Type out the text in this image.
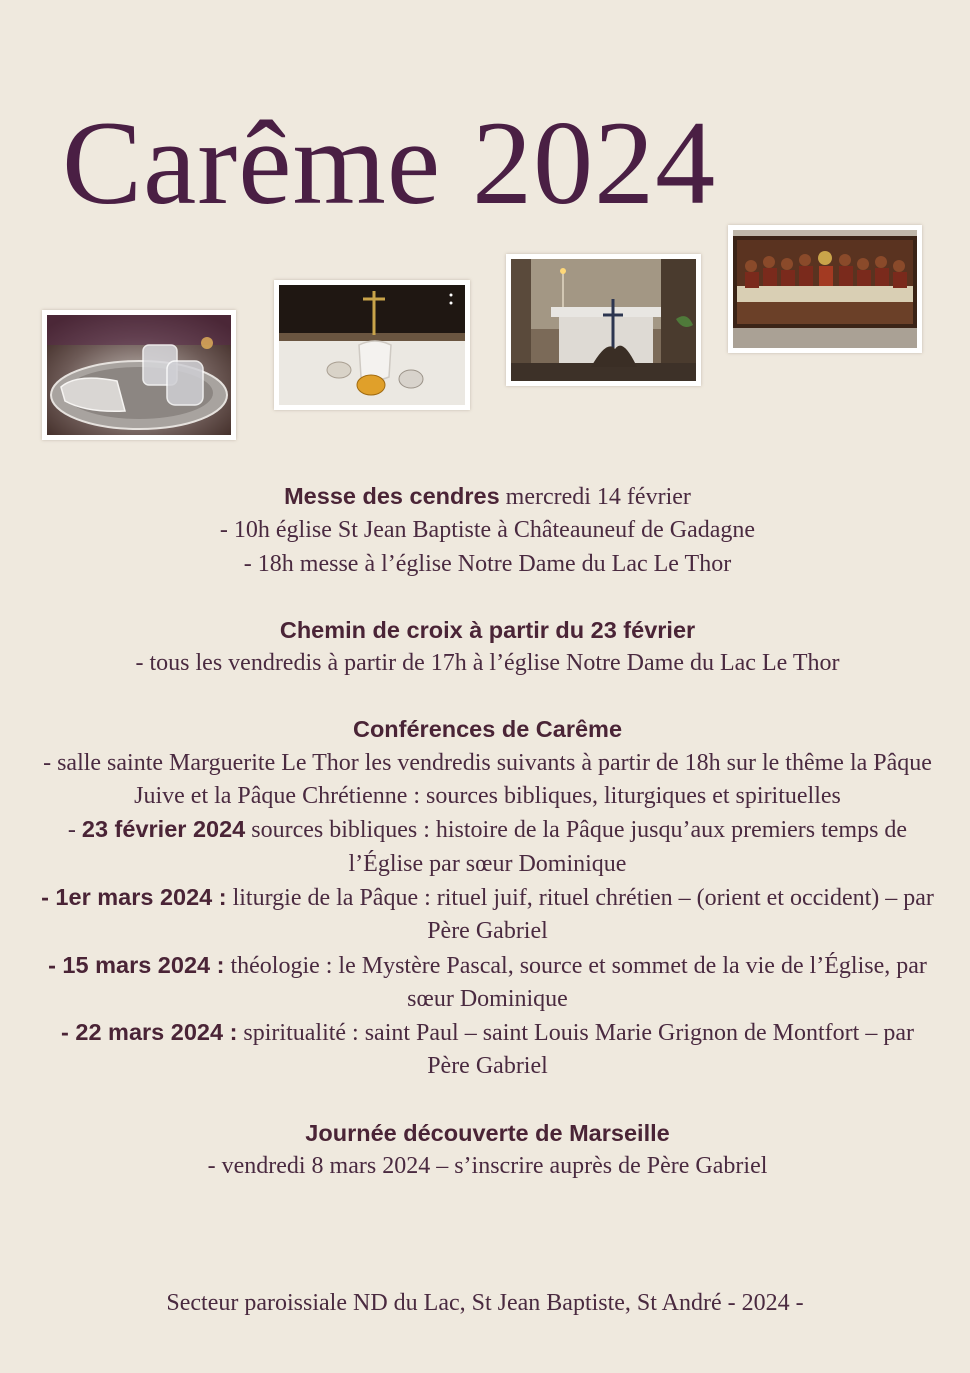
Carême 2024
Messe des cendres mercredi 14 février
- 10h église St Jean Baptiste à Châteauneuf de Gadagne
- 18h messe à l’église Notre Dame du Lac Le Thor
Chemin de croix à partir du 23 février
- tous les vendredis à partir de 17h à l’église Notre Dame du Lac Le Thor
Conférences de Carême
- salle sainte Marguerite Le Thor les vendredis suivants à partir de 18h sur le thême la Pâque Juive et la Pâque Chrétienne : sources bibliques, liturgiques et spirituelles
- 23 février 2024 sources bibliques : histoire de la Pâque jusqu’aux premiers temps de l’Église par sœur Dominique
- 1er mars 2024 : liturgie de la Pâque : rituel juif, rituel chrétien – (orient et occident) – par Père Gabriel
- 15 mars 2024 : théologie : le Mystère Pascal, source et sommet de la vie de l’Église, par sœur Dominique
- 22 mars 2024 : spiritualité : saint Paul – saint Louis Marie Grignon de Montfort – par Père Gabriel
Journée découverte de Marseille
- vendredi 8 mars 2024 – s’inscrire auprès de Père Gabriel
Secteur paroissiale ND du Lac, St Jean Baptiste, St André - 2024 -
